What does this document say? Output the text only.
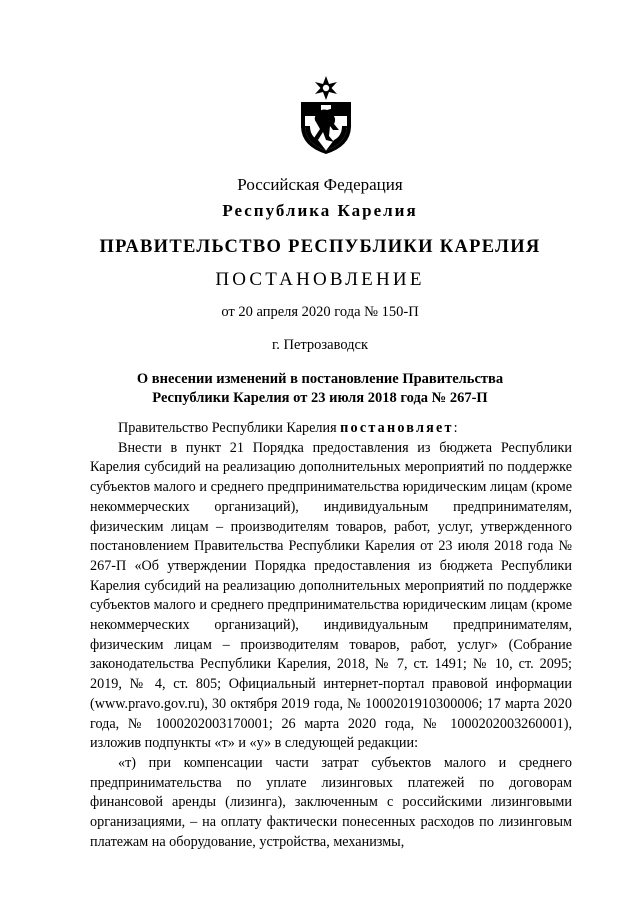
Российская Федерация
Республика Карелия
ПРАВИТЕЛЬСТВО РЕСПУБЛИКИ КАРЕЛИЯ
ПОСТАНОВЛЕНИЕ
от 20 апреля 2020 года № 150-П
г. Петрозаводск
О внесении изменений в постановление Правительства
Республики Карелия от 23 июля 2018 года № 267-П

Правительство Республики Карелия постановляет:

Внести в пункт 21 Порядка предоставления из бюджета Республики Карелия субсидий на реализацию дополнительных мероприятий по поддержке субъектов малого и среднего предпринимательства юридическим лицам (кроме некоммерческих организаций), индивидуальным предпринимателям, физическим лицам – производителям товаров, работ, услуг, утвержденного постановлением Правительства Республики Карелия от 23 июля 2018 года № 267-П «Об утверждении Порядка предоставления из бюджета Республики Карелия субсидий на реализацию дополнительных мероприятий по поддержке субъектов малого и среднего предпринимательства юридическим лицам (кроме некоммерческих организаций), индивидуальным предпринимателям, физическим лицам – производителям товаров, работ, услуг» (Собрание законодательства Республики Карелия, 2018, № 7, ст. 1491; № 10, ст. 2095; 2019, № 4, ст. 805; Официальный интернет-портал правовой информации (www.pravo.gov.ru), 30 октября 2019 года, № 1000201910300006; 17 марта 2020 года, № 1000202003170001; 26 марта 2020 года, № 1000202003260001), изложив подпункты «т» и «у» в следующей редакции:

«т) при компенсации части затрат субъектов малого и среднего предпринимательства по уплате лизинговых платежей по договорам финансовой аренды (лизинга), заключенным с российскими лизинговыми организациями, – на оплату фактически понесенных расходов по лизинговым платежам на оборудование, устройства, механизмы,
